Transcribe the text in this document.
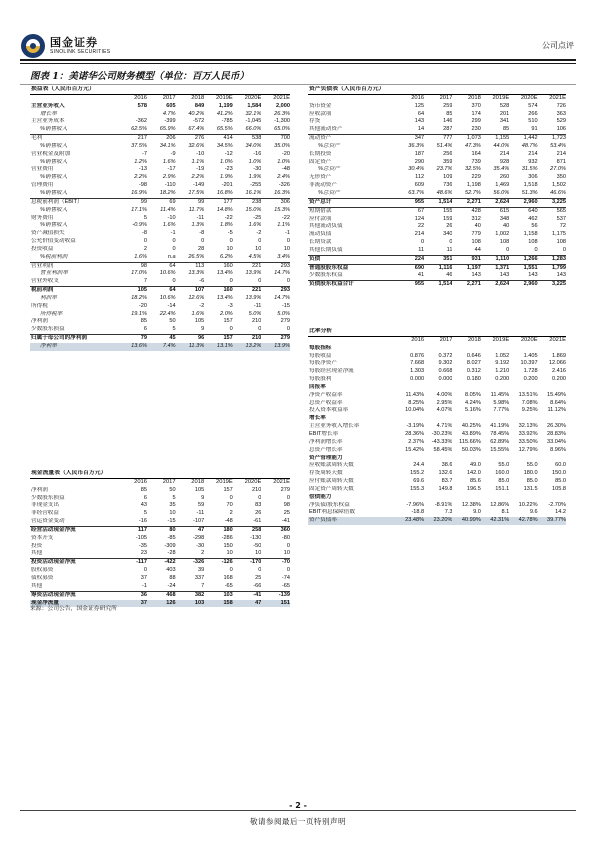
国金证券
SINOLINK SECURITIES
公司点评
图表 1：美诺华公司财务模型（单位：百万人民币）
损益表（人民币百万元）						
	2016	2017	2018	2019E	2020E	2021E
主营业务收入	578	605	849	1,199	1,584	2,000
增长率		4.7%	40.2%	41.2%	32.1%	26.3%
主营业务成本	-362	-399	-572	-785	-1,045	-1,300
%销售收入	62.5%	65.9%	67.4%	65.5%	66.0%	65.0%
毛利	217	206	276	414	538	700
%销售收入	37.5%	34.1%	32.6%	34.5%	34.0%	35.0%
营业税金及附加	-7	-9	-10	-12	-16	-20
%销售收入	1.2%	1.6%	1.1%	1.0%	1.0%	1.0%
营业费用	-13	-17	-19	-23	-30	-48
%销售收入	2.2%	2.9%	2.2%	1.9%	1.9%	2.4%
管理费用	-98	-110	-149	-201	-255	-326
%销售收入	16.9%	18.2%	17.5%	16.8%	16.1%	16.3%
息税前利润（EBIT）	99	69	99	177	238	306
%销售收入	17.1%	11.4%	11.7%	14.8%	15.0%	15.3%
财务费用	5	-10	-11	-22	-25	-22
%销售收入	-0.9%	1.6%	1.3%	1.8%	1.6%	1.1%
资产减值损失	-8	-1	-8	-5	-2	-1
公允价值变动收益	0	0	0	0	0	0
投资收益	2	0	28	10	10	10
%税前利润	1.6%	n.a	26.5%	6.2%	4.5%	3.4%
营业利润	98	64	113	160	221	293
营业利润率	17.0%	10.6%	13.3%	13.4%	13.9%	14.7%
营业外收支	7	0	-6	0	0	0
税前利润	105	64	107	160	221	293
利润率	18.2%	10.6%	12.6%	13.4%	13.9%	14.7%
所得税	-20	-14	-2	-3	-11	-15
所得税率	19.1%	22.4%	1.6%	2.0%	5.0%	5.0%
净利润	85	50	105	157	210	279
少数股东损益	6	5	9	0	0	0
归属于母公司的净利润	79	45	96	157	210	279
净利率	13.6%	7.4%	11.3%	13.1%	13.2%	13.9%
资产负债表（人民币百万元）						
	2016	2017	2018	2019E	2020E	2021E
货币资金	125	259	370	528	574	726
应收款项	64	85	174	201	266	363
存货	143	146	299	341	510	529
其他流动资产	14	287	230	85	91	106
流动资产	347	777	1,073	1,155	1,442	1,723
%总资产	36.3%	51.4%	47.3%	44.0%	48.7%	53.4%
长期投资	187	256	164	214	214	214
固定资产	290	359	739	928	932	871
%总资产	30.4%	23.7%	32.5%	35.4%	31.5%	27.0%
无形资产	112	109	229	260	306	350
非流动资产	609	736	1,198	1,469	1,518	1,502
%总资产	63.7%	48.6%	52.7%	56.0%	51.3%	46.6%
资产总计	955	1,514	2,271	2,624	2,960	3,225
短期借款	67	155	428	615	640	565
应付款项	124	159	312	348	462	537
其他流动负债	22	26	40	40	56	72
流动负债	214	340	779	1,002	1,158	1,175
长期贷款	0	0	108	108	108	108
其他长期负债	11	11	44	0	0	0
负债	224	351	931	1,110	1,266	1,283
普通股股东权益	690	1,116	1,197	1,371	1,551	1,799
少数股东权益	41	46	143	143	143	143
负债股东权益合计	955	1,514	2,271	2,624	2,960	3,225
现金流量表（人民币百万元）						
	2016	2017	2018	2019E	2020E	2021E
净利润	85	50	105	157	210	279
少数股东损益	6	5	9	0	0	0
非现金支出	43	35	59	70	83	98
非经营收益	5	10	-11	2	26	25
营运资金变动	-16	-15	-107	-48	-61	-41
经营活动现金净流	117	80	47	180	258	360
资本开支	-105	-85	-298	-286	-130	-80
投资	-35	-309	-30	150	-50	0
其他	23	-28	2	10	10	10
投资活动现金净流	-117	-422	-326	-126	-170	-70
股权募资	0	403	39	0	0	0
债权募资	37	88	337	168	25	-74
其他	-1	-24	7	-65	-66	-65
筹资活动现金净流	36	468	382	103	-41	-139
现金净流量	37	126	103	158	47	151
比率分析						
	2016	2017	2018	2019E	2020E	2021E
每股指标						
每股收益	0.876	0.372	0.646	1.052	1.405	1.869
每股净资产	7.668	9.302	8.027	9.192	10.397	12.066
每股经营现金净流	1.303	0.668	0.312	1.210	1.728	2.416
每股股利	0.000	0.000	0.180	0.200	0.200	0.200
回报率						
净资产收益率	11.43%	4.00%	8.05%	11.45%	13.51%	15.49%
总资产收益率	8.25%	2.95%	4.24%	5.98%	7.08%	8.64%
投入资本收益率	10.04%	4.07%	5.16%	7.77%	9.25%	11.12%
增长率						
主营业务收入增长率	-3.19%	4.71%	40.25%	41.19%	32.13%	26.30%
EBIT增长率	28.36%	-30.23%	43.89%	78.45%	33.92%	28.83%
净利润增长率	2.37%	-43.33%	115.66%	62.89%	33.50%	33.04%
总资产增长率	15.42%	58.45%	50.03%	15.55%	12.79%	8.96%
资产管理能力						
应收账款周转天数	24.4	38.6	49.0	55.0	55.0	60.0
存货周转天数	155.2	132.6	142.0	160.0	180.0	150.0
应付账款周转天数	69.6	83.7	85.6	85.0	85.0	85.0
固定资产周转天数	155.3	149.8	196.5	151.1	131.5	105.8
偿债能力						
净负债/股东权益	-7.96%	-8.91%	12.38%	12.86%	10.22%	-2.70%
EBIT利息保障倍数	-18.8	7.3	9.0	8.1	9.6	14.2
资产负债率	23.48%	23.20%	40.99%	42.31%	42.78%	39.77%
来源：公司公告，国金证券研究所
- 2 -
敬请参阅最后一页特别声明
